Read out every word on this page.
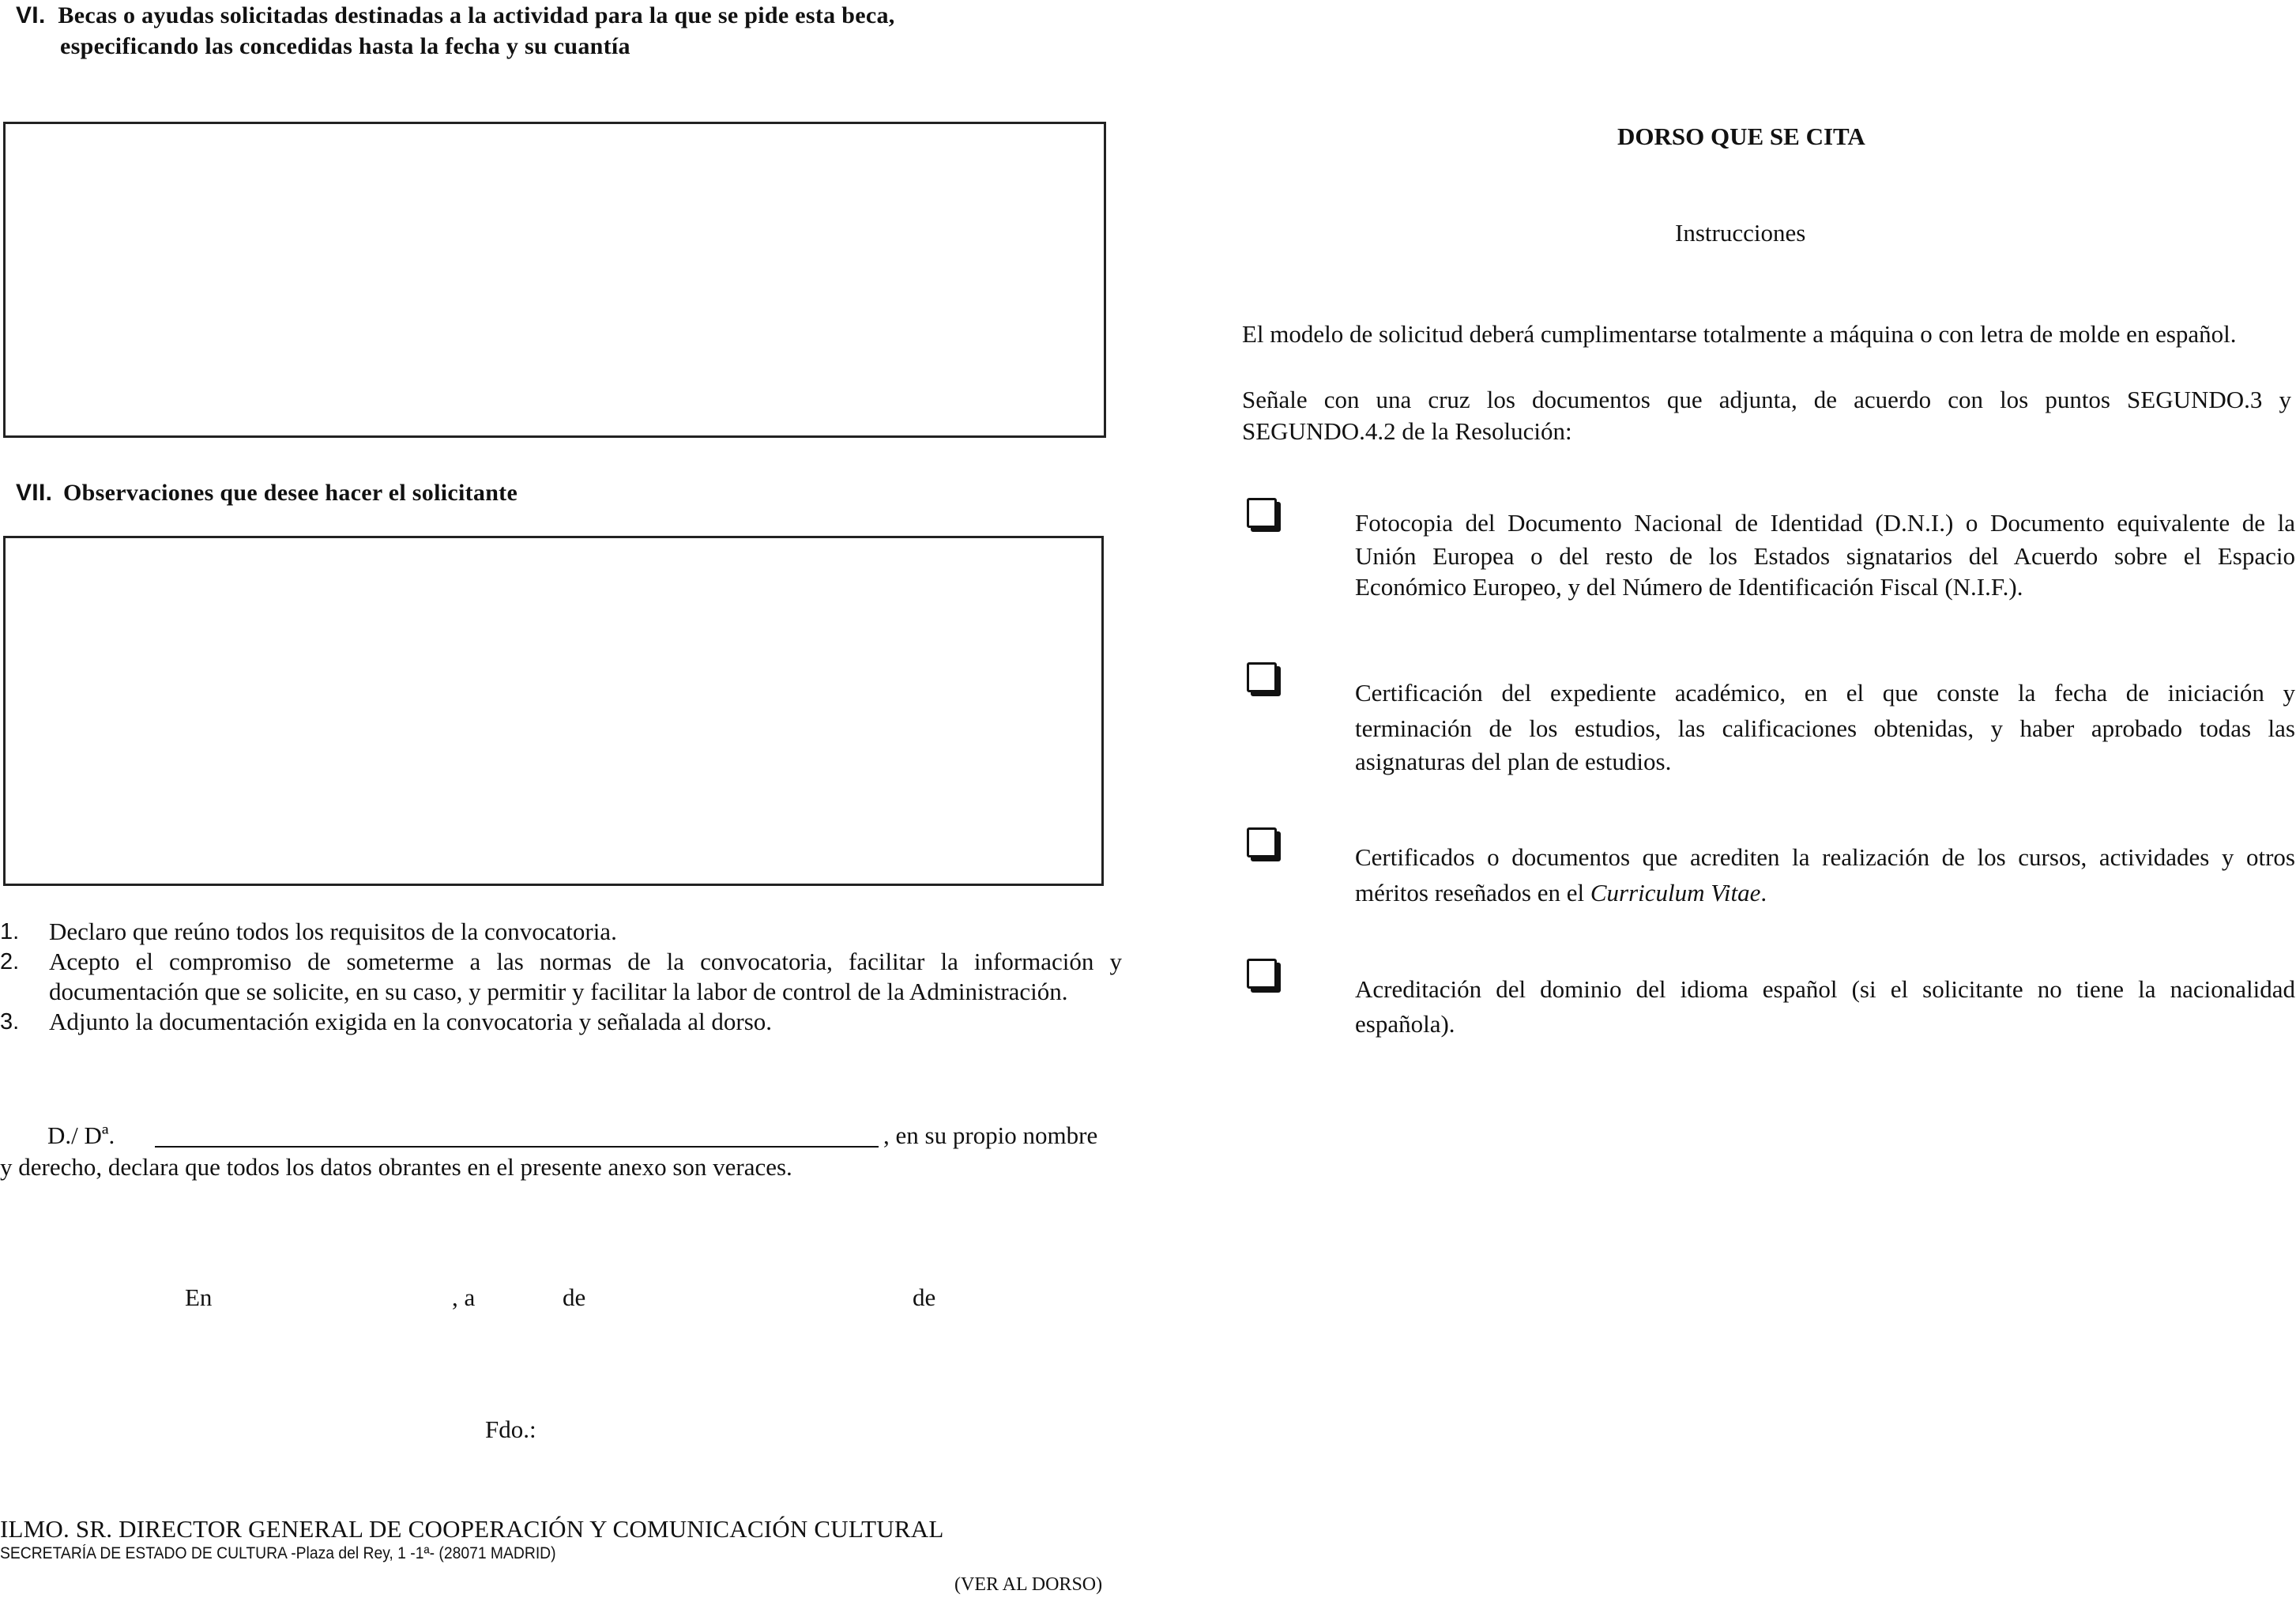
VI. Becas o ayudas solicitadas destinadas a la actividad para la que se pide esta beca,
especificando las concedidas hasta la fecha y su cuantía
VII. Observaciones que desee hacer el solicitante
1. Declaro que reúno todos los requisitos de la convocatoria.
2. Acepto el compromiso de someterme a las normas de la convocatoria, facilitar la información y
documentación que se solicite, en su caso, y permitir y facilitar la labor de control de la Administración.
3. Adjunto la documentación exigida en la convocatoria y señalada al dorso.
D./ Dª.	, en su propio nombre
y derecho, declara que todos los datos obrantes en el presente anexo son veraces.
En	, a	de	de
Fdo.:
ILMO. SR. DIRECTOR GENERAL DE COOPERACIÓN Y COMUNICACIÓN CULTURAL
SECRETARÍA DE ESTADO DE CULTURA -Plaza del Rey, 1 -1ª- (28071 MADRID)
(VER AL DORSO)
DORSO QUE SE CITA
Instrucciones
El modelo de solicitud deberá cumplimentarse totalmente a máquina o con letra de molde en español.
Señale con una cruz los documentos que adjunta, de acuerdo con los puntos SEGUNDO.3 y
SEGUNDO.4.2 de la Resolución:
Fotocopia del Documento Nacional de Identidad (D.N.I.) o Documento equivalente de la
Unión Europea o del resto de los Estados signatarios del Acuerdo sobre el Espacio
Económico Europeo, y del Número de Identificación Fiscal (N.I.F.).
Certificación del expediente académico, en el que conste la fecha de iniciación y
terminación de los estudios, las calificaciones obtenidas, y haber aprobado todas las
asignaturas del plan de estudios.
Certificados o documentos que acrediten la realización de los cursos, actividades y otros
méritos reseñados en el Curriculum Vitae.
Acreditación del dominio del idioma español (si el solicitante no tiene la nacionalidad
española).
